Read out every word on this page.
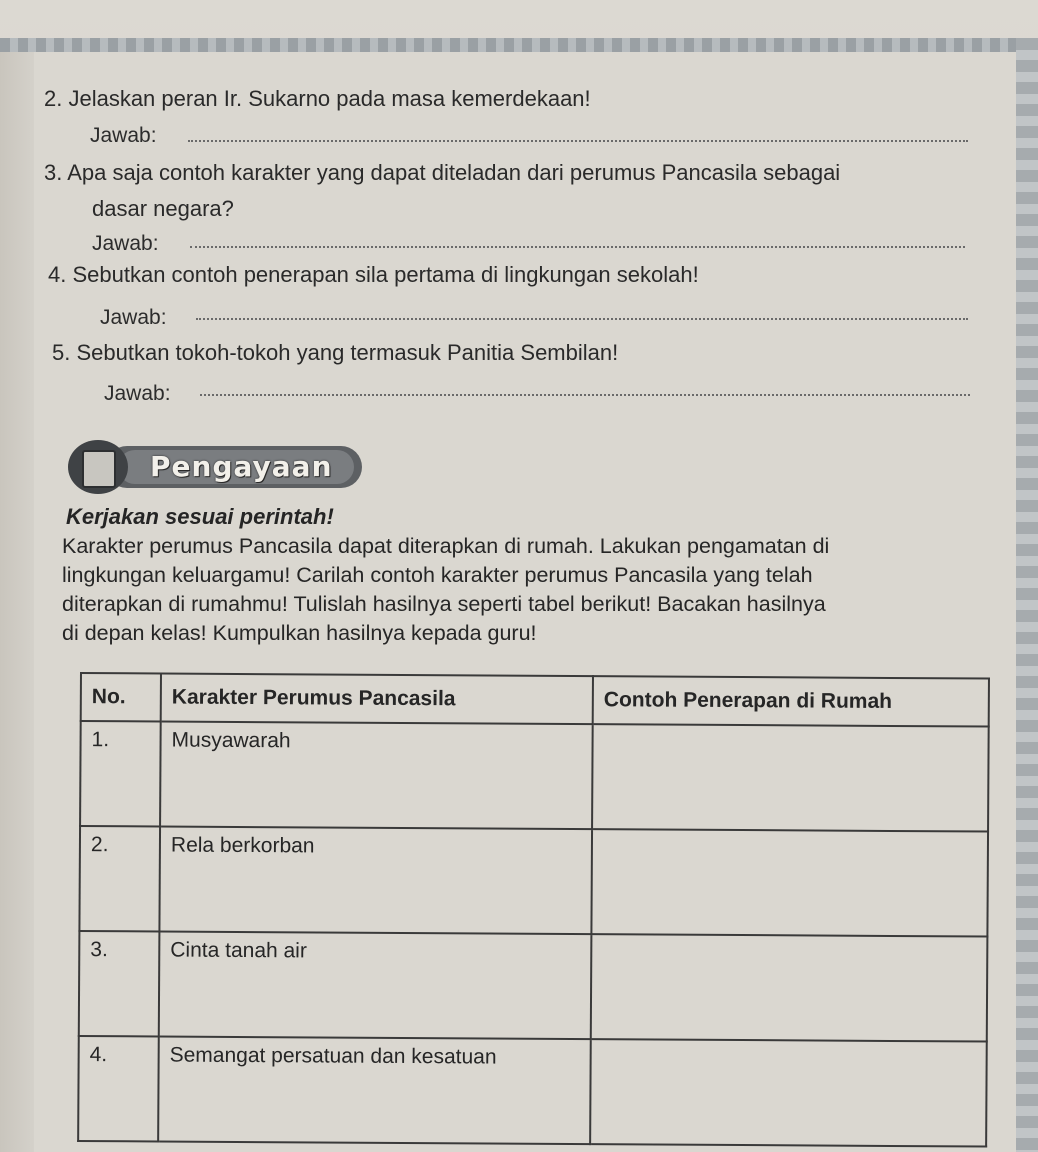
2. Jelaskan peran Ir. Sukarno pada masa kemerdekaan!
Jawab:
3. Apa saja contoh karakter yang dapat diteladan dari perumus Pancasila sebagai
dasar negara?
Jawab:
4. Sebutkan contoh penerapan sila pertama di lingkungan sekolah!
Jawab:
5. Sebutkan tokoh-tokoh yang termasuk Panitia Sembilan!
Jawab:
Pengayaan
Kerjakan sesuai perintah!
Karakter perumus Pancasila dapat diterapkan di rumah. Lakukan pengamatan di
lingkungan keluargamu! Carilah contoh karakter perumus Pancasila yang telah
diterapkan di rumahmu! Tulislah hasilnya seperti tabel berikut! Bacakan hasilnya
di depan kelas! Kumpulkan hasilnya kepada guru!
No.	Karakter Perumus Pancasila	Contoh Penerapan di Rumah
1.	Musyawarah	
2.	Rela berkorban	
3.	Cinta tanah air	
4.	Semangat persatuan dan kesatuan	
